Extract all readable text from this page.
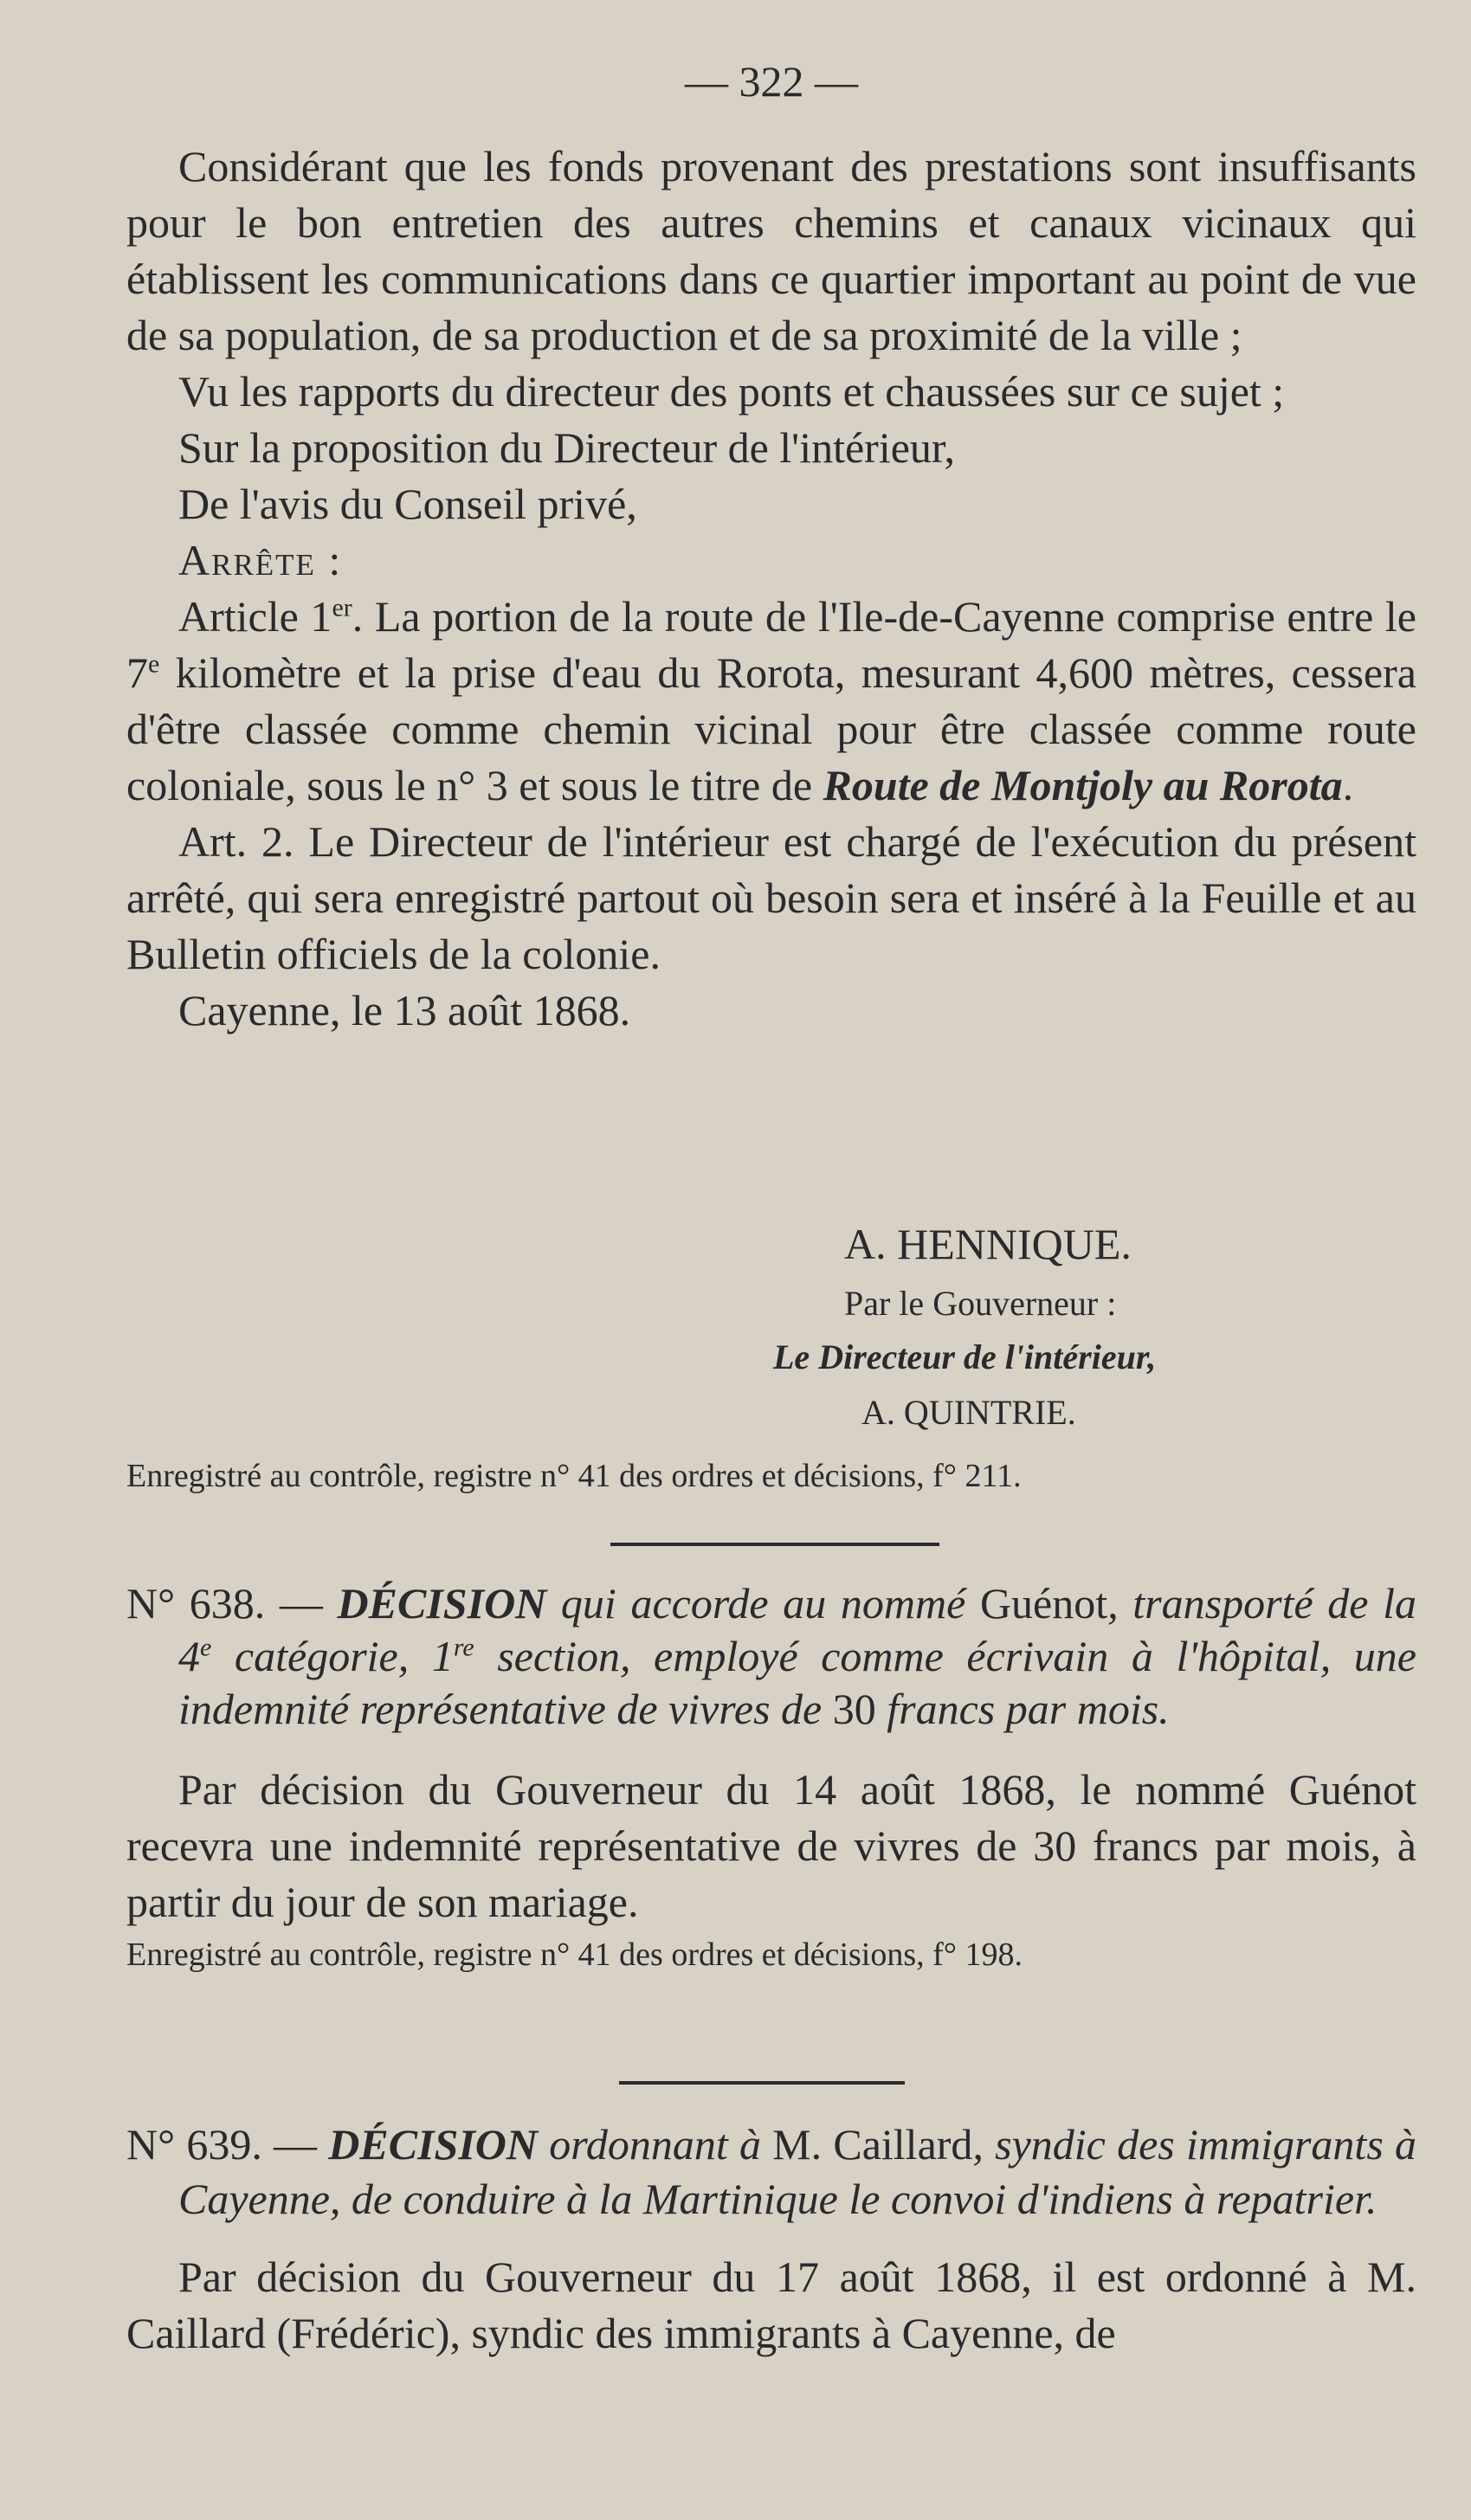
— 322 —

Considérant que les fonds provenant des prestations sont insuffisants pour le bon entretien des autres chemins et canaux vicinaux qui établissent les communications dans ce quartier important au point de vue de sa population, de sa production et de sa proximité de la ville ;

Vu les rapports du directeur des ponts et chaussées sur ce sujet ;

Sur la proposition du Directeur de l'intérieur,

De l'avis du Conseil privé,

Arrête :

Article 1er. La portion de la route de l'Ile-de-Cayenne comprise entre le 7e kilomètre et la prise d'eau du Rorota, mesurant 4,600 mètres, cessera d'être classée comme chemin vicinal pour être classée comme route coloniale, sous le n° 3 et sous le titre de Route de Montjoly au Rorota.

Art. 2. Le Directeur de l'intérieur est chargé de l'exécution du présent arrêté, qui sera enregistré partout où besoin sera et inséré à la Feuille et au Bulletin officiels de la colonie.

Cayenne, le 13 août 1868.

A. HENNIQUE.
Par le Gouverneur :
Le Directeur de l'intérieur,
A. QUINTRIE.
Enregistré au contrôle, registre n° 41 des ordres et décisions, f° 211.

N° 638. — DÉCISION qui accorde au nommé Guénot, transporté de la 4e catégorie, 1re section, employé comme écrivain à l'hôpital, une indemnité représentative de vivres de 30 francs par mois.

Par décision du Gouverneur du 14 août 1868, le nommé Guénot recevra une indemnité représentative de vivres de 30 francs par mois, à partir du jour de son mariage.

Enregistré au contrôle, registre n° 41 des ordres et décisions, f° 198.

N° 639. — DÉCISION ordonnant à M. Caillard, syndic des immigrants à Cayenne, de conduire à la Martinique le convoi d'indiens à repatrier.

Par décision du Gouverneur du 17 août 1868, il est ordonné à M. Caillard (Frédéric), syndic des immigrants à Cayenne, de
